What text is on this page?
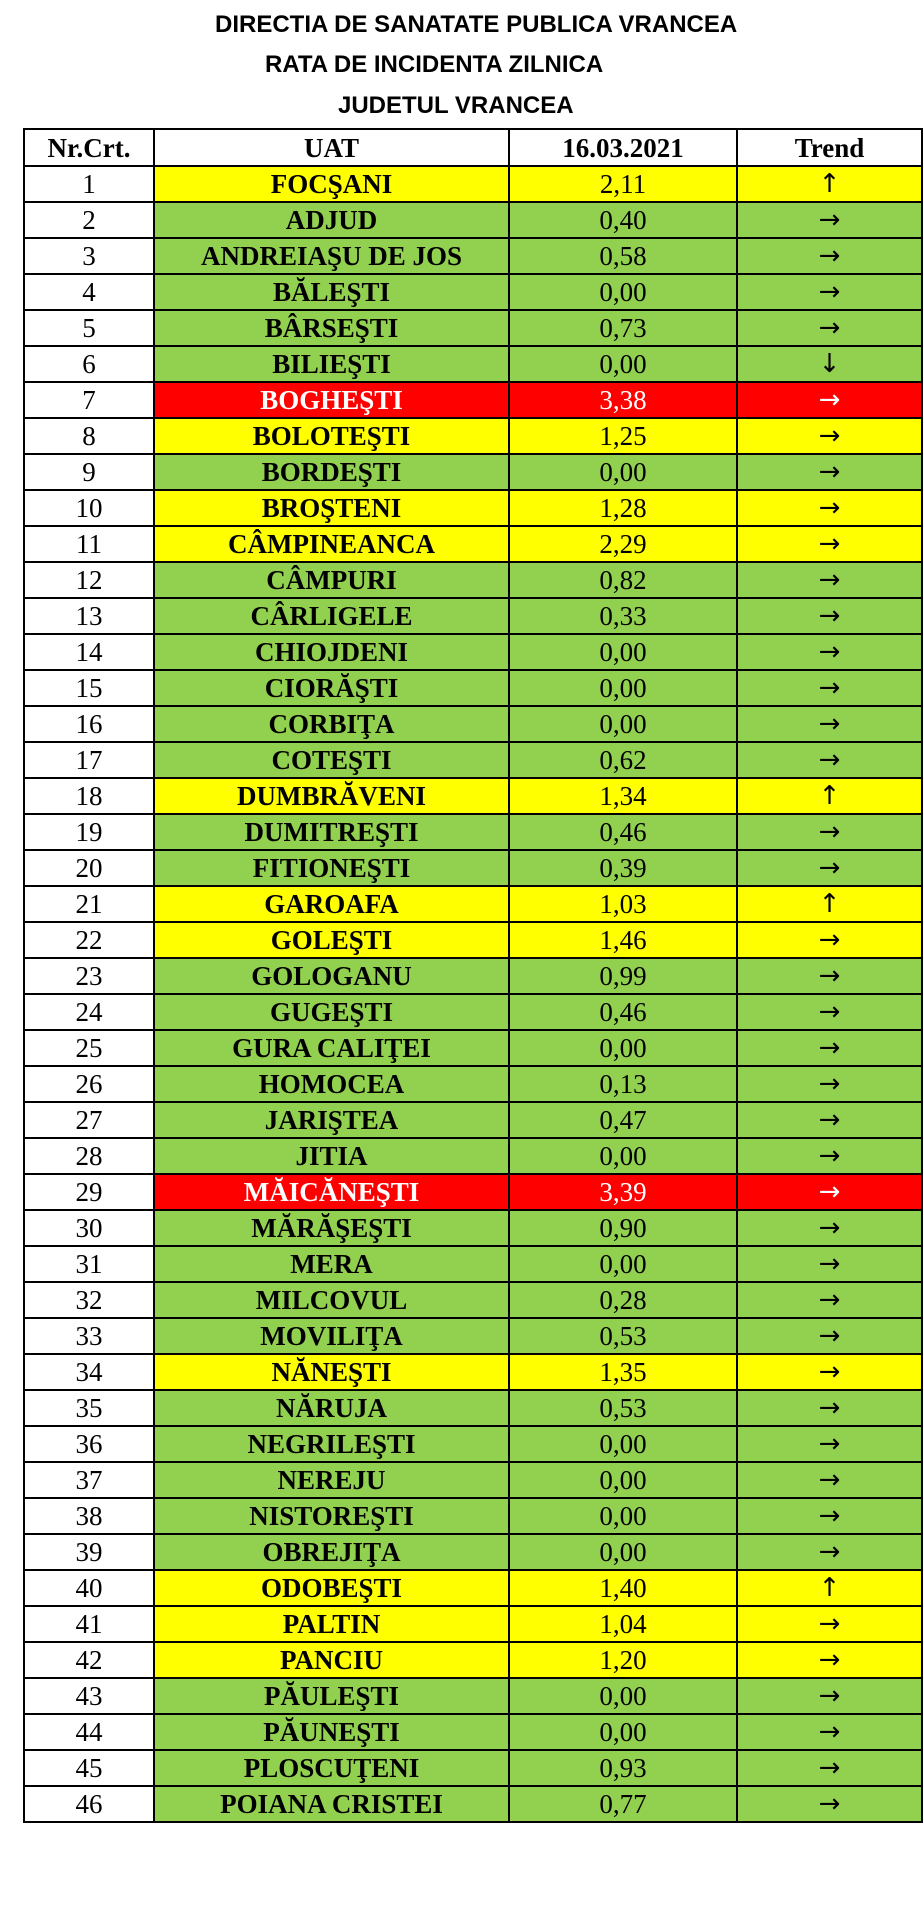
DIRECTIA DE SANATATE PUBLICA VRANCEA
RATA DE INCIDENTA ZILNICA
JUDETUL VRANCEA
Nr.Crt.	UAT	16.03.2021	Trend
1	FOCŞANI	2,11	↑
2	ADJUD	0,40	→
3	ANDREIAŞU DE JOS	0,58	→
4	BĂLEŞTI	0,00	→
5	BÂRSEŞTI	0,73	→
6	BILIEŞTI	0,00	↓
7	BOGHEŞTI	3,38	→
8	BOLOTEŞTI	1,25	→
9	BORDEŞTI	0,00	→
10	BROŞTENI	1,28	→
11	CÂMPINEANCA	2,29	→
12	CÂMPURI	0,82	→
13	CÂRLIGELE	0,33	→
14	CHIOJDENI	0,00	→
15	CIORĂŞTI	0,00	→
16	CORBIŢA	0,00	→
17	COTEŞTI	0,62	→
18	DUMBRĂVENI	1,34	↑
19	DUMITREŞTI	0,46	→
20	FITIONEŞTI	0,39	→
21	GAROAFA	1,03	↑
22	GOLEŞTI	1,46	→
23	GOLOGANU	0,99	→
24	GUGEŞTI	0,46	→
25	GURA CALIŢEI	0,00	→
26	HOMOCEA	0,13	→
27	JARIŞTEA	0,47	→
28	JITIA	0,00	→
29	MĂICĂNEŞTI	3,39	→
30	MĂRĂŞEŞTI	0,90	→
31	MERA	0,00	→
32	MILCOVUL	0,28	→
33	MOVILIŢA	0,53	→
34	NĂNEŞTI	1,35	→
35	NĂRUJA	0,53	→
36	NEGRILEŞTI	0,00	→
37	NEREJU	0,00	→
38	NISTOREŞTI	0,00	→
39	OBREJIŢA	0,00	→
40	ODOBEŞTI	1,40	↑
41	PALTIN	1,04	→
42	PANCIU	1,20	→
43	PĂULEŞTI	0,00	→
44	PĂUNEŞTI	0,00	→
45	PLOSCUŢENI	0,93	→
46	POIANA CRISTEI	0,77	→
